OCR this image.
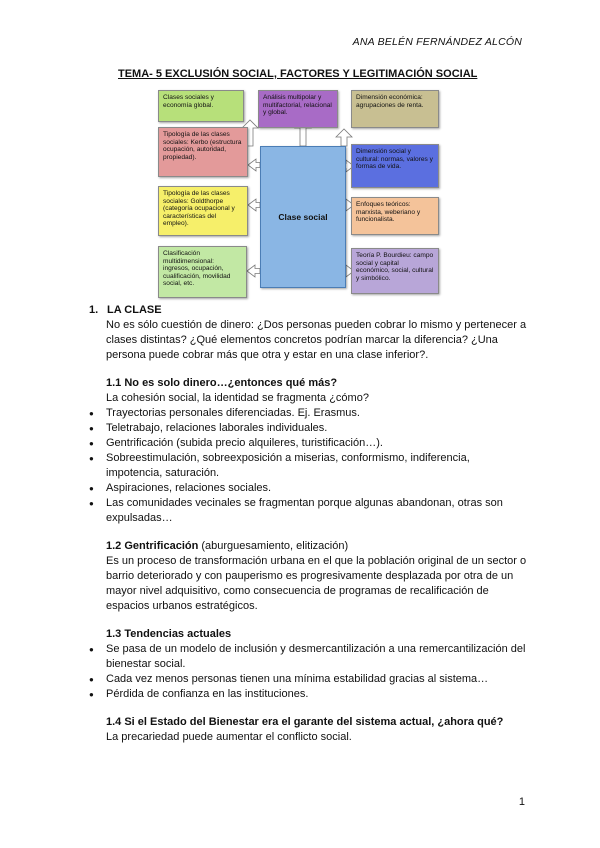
ANA BELÉN FERNÁNDEZ ALCÓN
TEMA- 5 EXCLUSIÓN SOCIAL, FACTORES Y LEGITIMACIÓN SOCIAL
Clases sociales y economía global.
Análisis multipolar y multifactorial, relacional y global.
Dimensión económica: agrupaciones de renta.
Tipología de las clases sociales: Kerbo (estructura ocupación, autoridad, propiedad).
Dimensión social y cultural: normas, valores y formas de vida.
Tipología de las clases sociales: Goldthorpe (categoría ocupacional y características del empleo).
Enfoques teóricos: marxista, weberiano y funcionalista.
Clasificación multidimensional: ingresos, ocupación, cualificación, movilidad social, etc.
Teoría P. Bourdieu: campo social y capital económico, social, cultural y simbólico.
Clase social
1. LA CLASE
No es sólo cuestión de dinero: ¿Dos personas pueden cobrar lo mismo y pertenecer a clases distintas? ¿Qué elementos concretos podrían marcar la diferencia? ¿Una persona puede cobrar más que otra y estar en una clase inferior?.
1.1 No es solo dinero…¿entonces qué más?
La cohesión social, la identidad se fragmenta ¿cómo?
● Trayectorias personales diferenciadas. Ej. Erasmus.
● Teletrabajo, relaciones laborales individuales.
● Gentrificación (subida precio alquileres, turistificación…).
● Sobreestimulación, sobreexposición a miserias, conformismo, indiferencia, impotencia, saturación.
● Aspiraciones, relaciones sociales.
● Las comunidades vecinales se fragmentan porque algunas abandonan, otras son expulsadas…
1.2 Gentrificación (aburguesamiento, elitización)
Es un proceso de transformación urbana en el que la población original de un sector o barrio deteriorado y con pauperismo es progresivamente desplazada por otra de un mayor nivel adquisitivo, como consecuencia de programas de recalificación de espacios urbanos estratégicos.
1.3 Tendencias actuales
● Se pasa de un modelo de inclusión y desmercantilización a una remercantilización del bienestar social.
● Cada vez menos personas tienen una mínima estabilidad gracias al sistema…
● Pérdida de confianza en las instituciones.
1.4 Si el Estado del Bienestar era el garante del sistema actual, ¿ahora qué?
La precariedad puede aumentar el conflicto social.
1
